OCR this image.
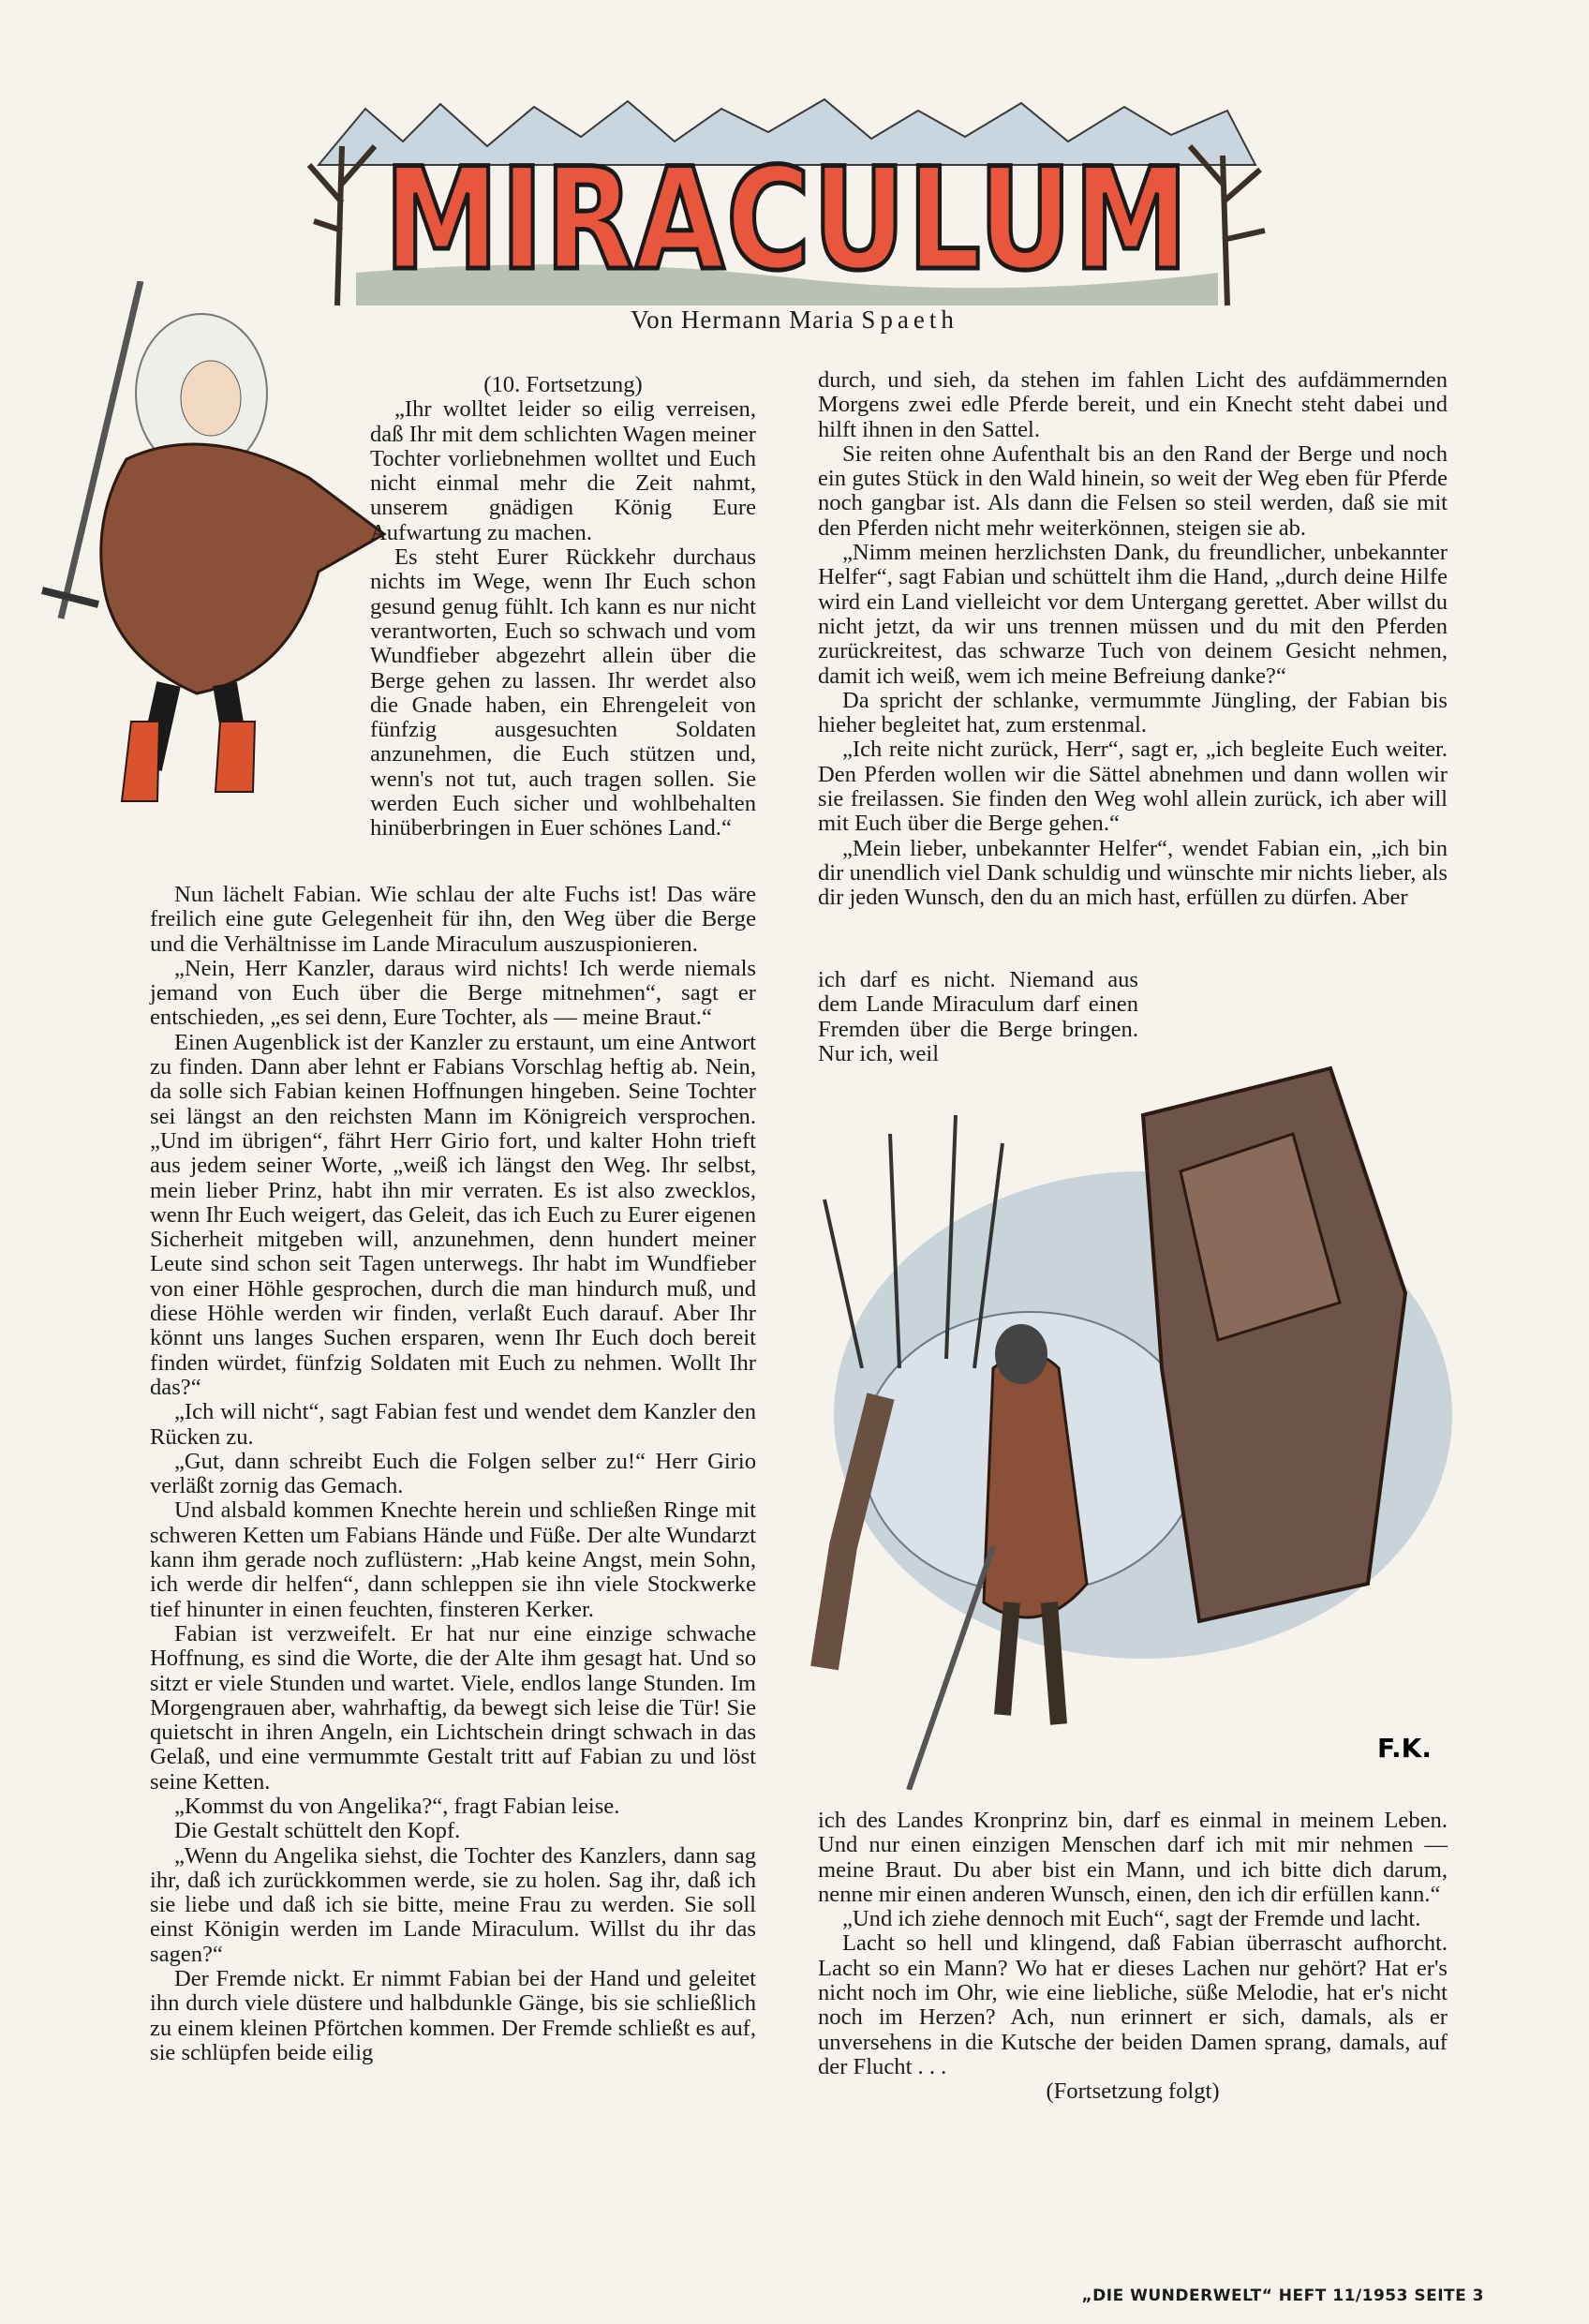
MIRACULUM
Von Hermann Maria Spaeth
F.K.

(10. Fortsetzung)

„Ihr wolltet leider so eilig verreisen, daß Ihr mit dem schlichten Wagen meiner Tochter vorliebnehmen wolltet und Euch nicht einmal mehr die Zeit nahmt, unserem gnädigen König Eure Aufwartung zu machen.

Es steht Eurer Rückkehr durchaus nichts im Wege, wenn Ihr Euch schon gesund genug fühlt. Ich kann es nur nicht verantworten, Euch so schwach und vom Wundfieber abgezehrt allein über die Berge gehen zu lassen. Ihr werdet also die Gnade haben, ein Ehrengeleit von fünfzig ausgesuchten Soldaten anzunehmen, die Euch stützen und, wenn's not tut, auch tragen sollen. Sie werden Euch sicher und wohlbehalten hinüberbringen in Euer schönes Land.“

Nun lächelt Fabian. Wie schlau der alte Fuchs ist! Das wäre freilich eine gute Gelegenheit für ihn, den Weg über die Berge und die Verhältnisse im Lande Miraculum auszuspionieren.

„Nein, Herr Kanzler, daraus wird nichts! Ich werde niemals jemand von Euch über die Berge mitnehmen“, sagt er entschieden, „es sei denn, Eure Tochter, als — meine Braut.“

Einen Augenblick ist der Kanzler zu erstaunt, um eine Antwort zu finden. Dann aber lehnt er Fabians Vorschlag heftig ab. Nein, da solle sich Fabian keinen Hoffnungen hingeben. Seine Tochter sei längst an den reichsten Mann im Königreich versprochen. „Und im übrigen“, fährt Herr Girio fort, und kalter Hohn trieft aus jedem seiner Worte, „weiß ich längst den Weg. Ihr selbst, mein lieber Prinz, habt ihn mir verraten. Es ist also zwecklos, wenn Ihr Euch weigert, das Geleit, das ich Euch zu Eurer eigenen Sicherheit mitgeben will, anzunehmen, denn hundert meiner Leute sind schon seit Tagen unterwegs. Ihr habt im Wundfieber von einer Höhle gesprochen, durch die man hindurch muß, und diese Höhle werden wir finden, verlaßt Euch darauf. Aber Ihr könnt uns langes Suchen ersparen, wenn Ihr Euch doch bereit finden würdet, fünfzig Soldaten mit Euch zu nehmen. Wollt Ihr das?“

„Ich will nicht“, sagt Fabian fest und wendet dem Kanzler den Rücken zu.

„Gut, dann schreibt Euch die Folgen selber zu!“ Herr Girio verläßt zornig das Gemach.

Und alsbald kommen Knechte herein und schließen Ringe mit schweren Ketten um Fabians Hände und Füße. Der alte Wundarzt kann ihm gerade noch zuflüstern: „Hab keine Angst, mein Sohn, ich werde dir helfen“, dann schleppen sie ihn viele Stockwerke tief hinunter in einen feuchten, finsteren Kerker.

Fabian ist verzweifelt. Er hat nur eine einzige schwache Hoffnung, es sind die Worte, die der Alte ihm gesagt hat. Und so sitzt er viele Stunden und wartet. Viele, endlos lange Stunden. Im Morgengrauen aber, wahrhaftig, da bewegt sich leise die Tür! Sie quietscht in ihren Angeln, ein Lichtschein dringt schwach in das Gelaß, und eine vermummte Gestalt tritt auf Fabian zu und löst seine Ketten.

„Kommst du von Angelika?“, fragt Fabian leise.

Die Gestalt schüttelt den Kopf.

„Wenn du Angelika siehst, die Tochter des Kanzlers, dann sag ihr, daß ich zurückkommen werde, sie zu holen. Sag ihr, daß ich sie liebe und daß ich sie bitte, meine Frau zu werden. Sie soll einst Königin werden im Lande Miraculum. Willst du ihr das sagen?“

Der Fremde nickt. Er nimmt Fabian bei der Hand und geleitet ihn durch viele düstere und halbdunkle Gänge, bis sie schließlich zu einem kleinen Pförtchen kommen. Der Fremde schließt es auf, sie schlüpfen beide eilig

durch, und sieh, da stehen im fahlen Licht des aufdämmernden Morgens zwei edle Pferde bereit, und ein Knecht steht dabei und hilft ihnen in den Sattel.

Sie reiten ohne Aufenthalt bis an den Rand der Berge und noch ein gutes Stück in den Wald hinein, so weit der Weg eben für Pferde noch gangbar ist. Als dann die Felsen so steil werden, daß sie mit den Pferden nicht mehr weiterkönnen, steigen sie ab.

„Nimm meinen herzlichsten Dank, du freundlicher, unbekannter Helfer“, sagt Fabian und schüttelt ihm die Hand, „durch deine Hilfe wird ein Land vielleicht vor dem Untergang gerettet. Aber willst du nicht jetzt, da wir uns trennen müssen und du mit den Pferden zurückreitest, das schwarze Tuch von deinem Gesicht nehmen, damit ich weiß, wem ich meine Befreiung danke?“

Da spricht der schlanke, vermummte Jüngling, der Fabian bis hieher begleitet hat, zum erstenmal.

„Ich reite nicht zurück, Herr“, sagt er, „ich begleite Euch weiter. Den Pferden wollen wir die Sättel abnehmen und dann wollen wir sie freilassen. Sie finden den Weg wohl allein zurück, ich aber will mit Euch über die Berge gehen.“

„Mein lieber, unbekannter Helfer“, wendet Fabian ein, „ich bin dir unendlich viel Dank schuldig und wünschte mir nichts lieber, als dir jeden Wunsch, den du an mich hast, erfüllen zu dürfen. Aber

ich darf es nicht. Niemand aus dem Lande Miraculum darf einen Fremden über die Berge bringen. Nur ich, weil

ich des Landes Kronprinz bin, darf es einmal in meinem Leben. Und nur einen einzigen Menschen darf ich mit mir nehmen — meine Braut. Du aber bist ein Mann, und ich bitte dich darum, nenne mir einen anderen Wunsch, einen, den ich dir erfüllen kann.“

„Und ich ziehe dennoch mit Euch“, sagt der Fremde und lacht.

Lacht so hell und klingend, daß Fabian überrascht aufhorcht. Lacht so ein Mann? Wo hat er dieses Lachen nur gehört? Hat er's nicht noch im Ohr, wie eine liebliche, süße Melodie, hat er's nicht noch im Herzen? Ach, nun erinnert er sich, damals, als er unversehens in die Kutsche der beiden Damen sprang, damals, auf der Flucht . . .

(Fortsetzung folgt)

„DIE WUNDERWELT“ HEFT 11/1953 SEITE 3
